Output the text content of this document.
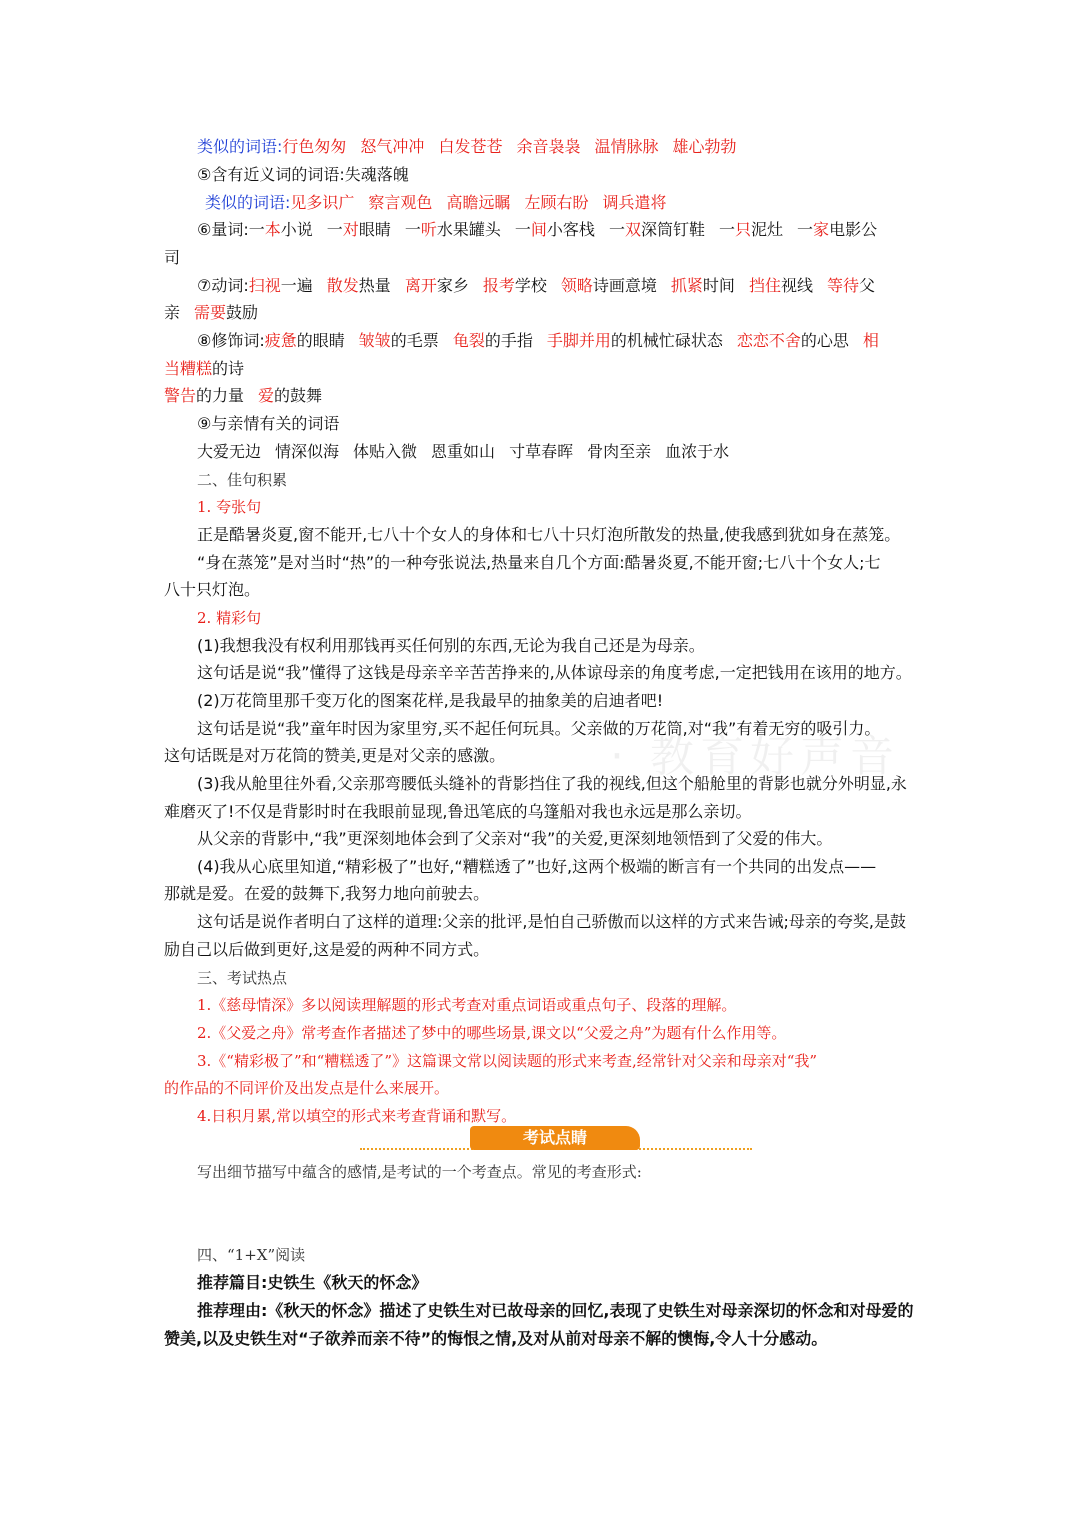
类似的词语:行色匆匆 怒气冲冲 白发苍苍 余音袅袅 温情脉脉 雄心勃勃
⑤含有近义词的词语:失魂落魄
类似的词语:见多识广 察言观色 高瞻远瞩 左顾右盼 调兵遣将
⑥量词:一本小说 一对眼睛 一听水果罐头 一间小客栈 一双深筒钉鞋 一只泥灶 一家电影公
司
⑦动词:扫视一遍 散发热量 离开家乡 报考学校 领略诗画意境 抓紧时间 挡住视线 等待父
亲 需要鼓励
⑧修饰词:疲惫的眼睛 皱皱的毛票 龟裂的手指 手脚并用的机械忙碌状态 恋恋不舍的心思 相
当糟糕的诗
警告的力量 爱的鼓舞
⑨与亲情有关的词语
大爱无边 情深似海 体贴入微 恩重如山 寸草春晖 骨肉至亲 血浓于水
二、佳句积累
1. 夸张句
正是酷暑炎夏,窗不能开,七八十个女人的身体和七八十只灯泡所散发的热量,使我感到犹如身在蒸笼。
“身在蒸笼”是对当时“热”的一种夸张说法,热量来自几个方面:酷暑炎夏,不能开窗;七八十个女人;七
八十只灯泡。
2. 精彩句
(1)我想我没有权利用那钱再买任何别的东西,无论为我自己还是为母亲。
这句话是说“我”懂得了这钱是母亲辛辛苦苦挣来的,从体谅母亲的角度考虑,一定把钱用在该用的地方。
(2)万花筒里那千变万化的图案花样,是我最早的抽象美的启迪者吧!
这句话是说“我”童年时因为家里穷,买不起任何玩具。父亲做的万花筒,对“我”有着无穷的吸引力。
这句话既是对万花筒的赞美,更是对父亲的感激。
(3)我从舱里往外看,父亲那弯腰低头缝补的背影挡住了我的视线,但这个船舱里的背影也就分外明显,永
难磨灭了!不仅是背影时时在我眼前显现,鲁迅笔底的乌篷船对我也永远是那么亲切。
从父亲的背影中,“我”更深刻地体会到了父亲对“我”的关爱,更深刻地领悟到了父爱的伟大。
(4)我从心底里知道,“精彩极了”也好,“糟糕透了”也好,这两个极端的断言有一个共同的出发点——
那就是爱。在爱的鼓舞下,我努力地向前驶去。
这句话是说作者明白了这样的道理:父亲的批评,是怕自己骄傲而以这样的方式来告诫;母亲的夸奖,是鼓
励自己以后做到更好,这是爱的两种不同方式。
三、考试热点
1.《慈母情深》多以阅读理解题的形式考查对重点词语或重点句子、段落的理解。
2.《父爱之舟》常考查作者描述了梦中的哪些场景,课文以“父爱之舟”为题有什么作用等。
3.《“精彩极了”和“糟糕透了”》这篇课文常以阅读题的形式来考查,经常针对父亲和母亲对“我”
的作品的不同评价及出发点是什么来展开。
4.日积月累,常以填空的形式来考查背诵和默写。
考试点睛
写出细节描写中蕴含的感情,是考试的一个考查点。常见的考查形式:
四、“1+X”阅读
推荐篇目:史铁生《秋天的怀念》
推荐理由:《秋天的怀念》描述了史铁生对已故母亲的回忆,表现了史铁生对母亲深切的怀念和对母爱的
赞美,以及史铁生对“子欲养而亲不待”的悔恨之情,及对从前对母亲不解的懊悔,令人十分感动。
· 教育好声音
